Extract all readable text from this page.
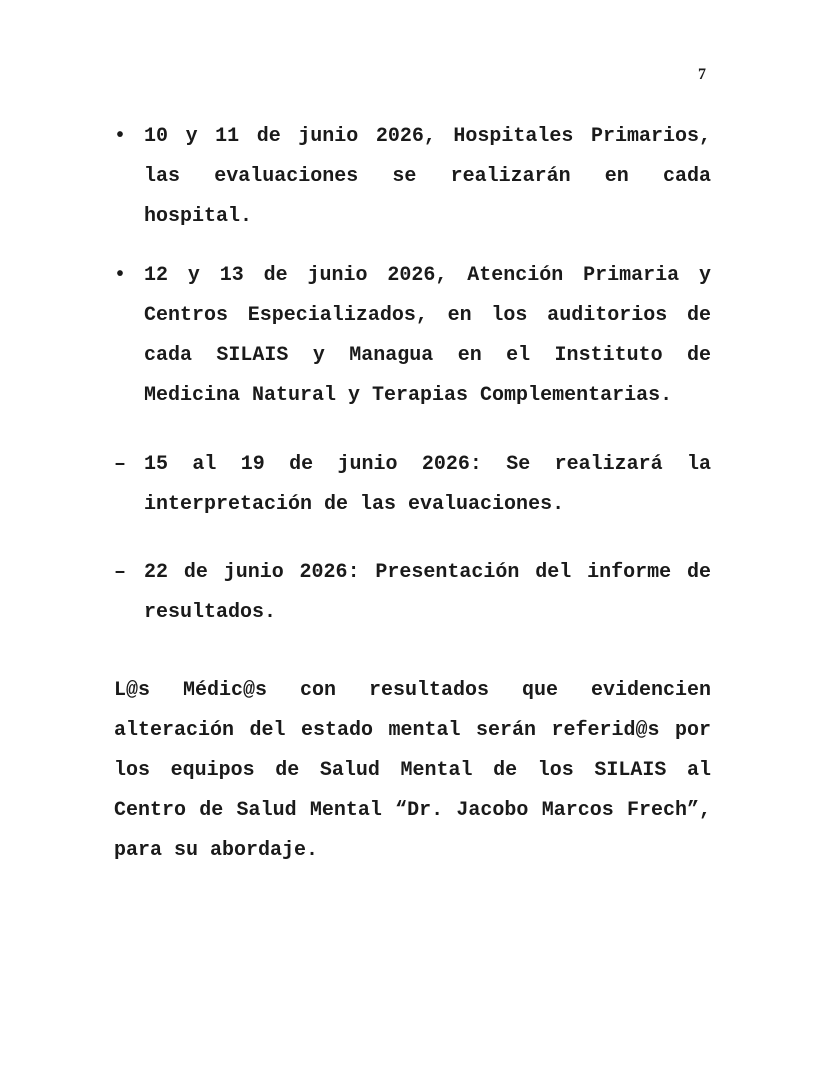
7
• 10 y 11 de junio 2026, Hospitales Primarios, las evaluaciones se realizarán en cada hospital.
• 12 y 13 de junio 2026, Atención Primaria y Centros Especializados, en los auditorios de cada SILAIS y Managua en el Instituto de Medicina Natural y Terapias Complementarias.
– 15 al 19 de junio 2026: Se realizará la interpretación de las evaluaciones.
– 22 de junio 2026: Presentación del informe de resultados.

L@s Médic@s con resultados que evidencien alteración del estado mental serán referid@s por los equipos de Salud Mental de los SILAIS al Centro de Salud Mental “Dr. Jacobo Marcos Frech”, para su abordaje.
